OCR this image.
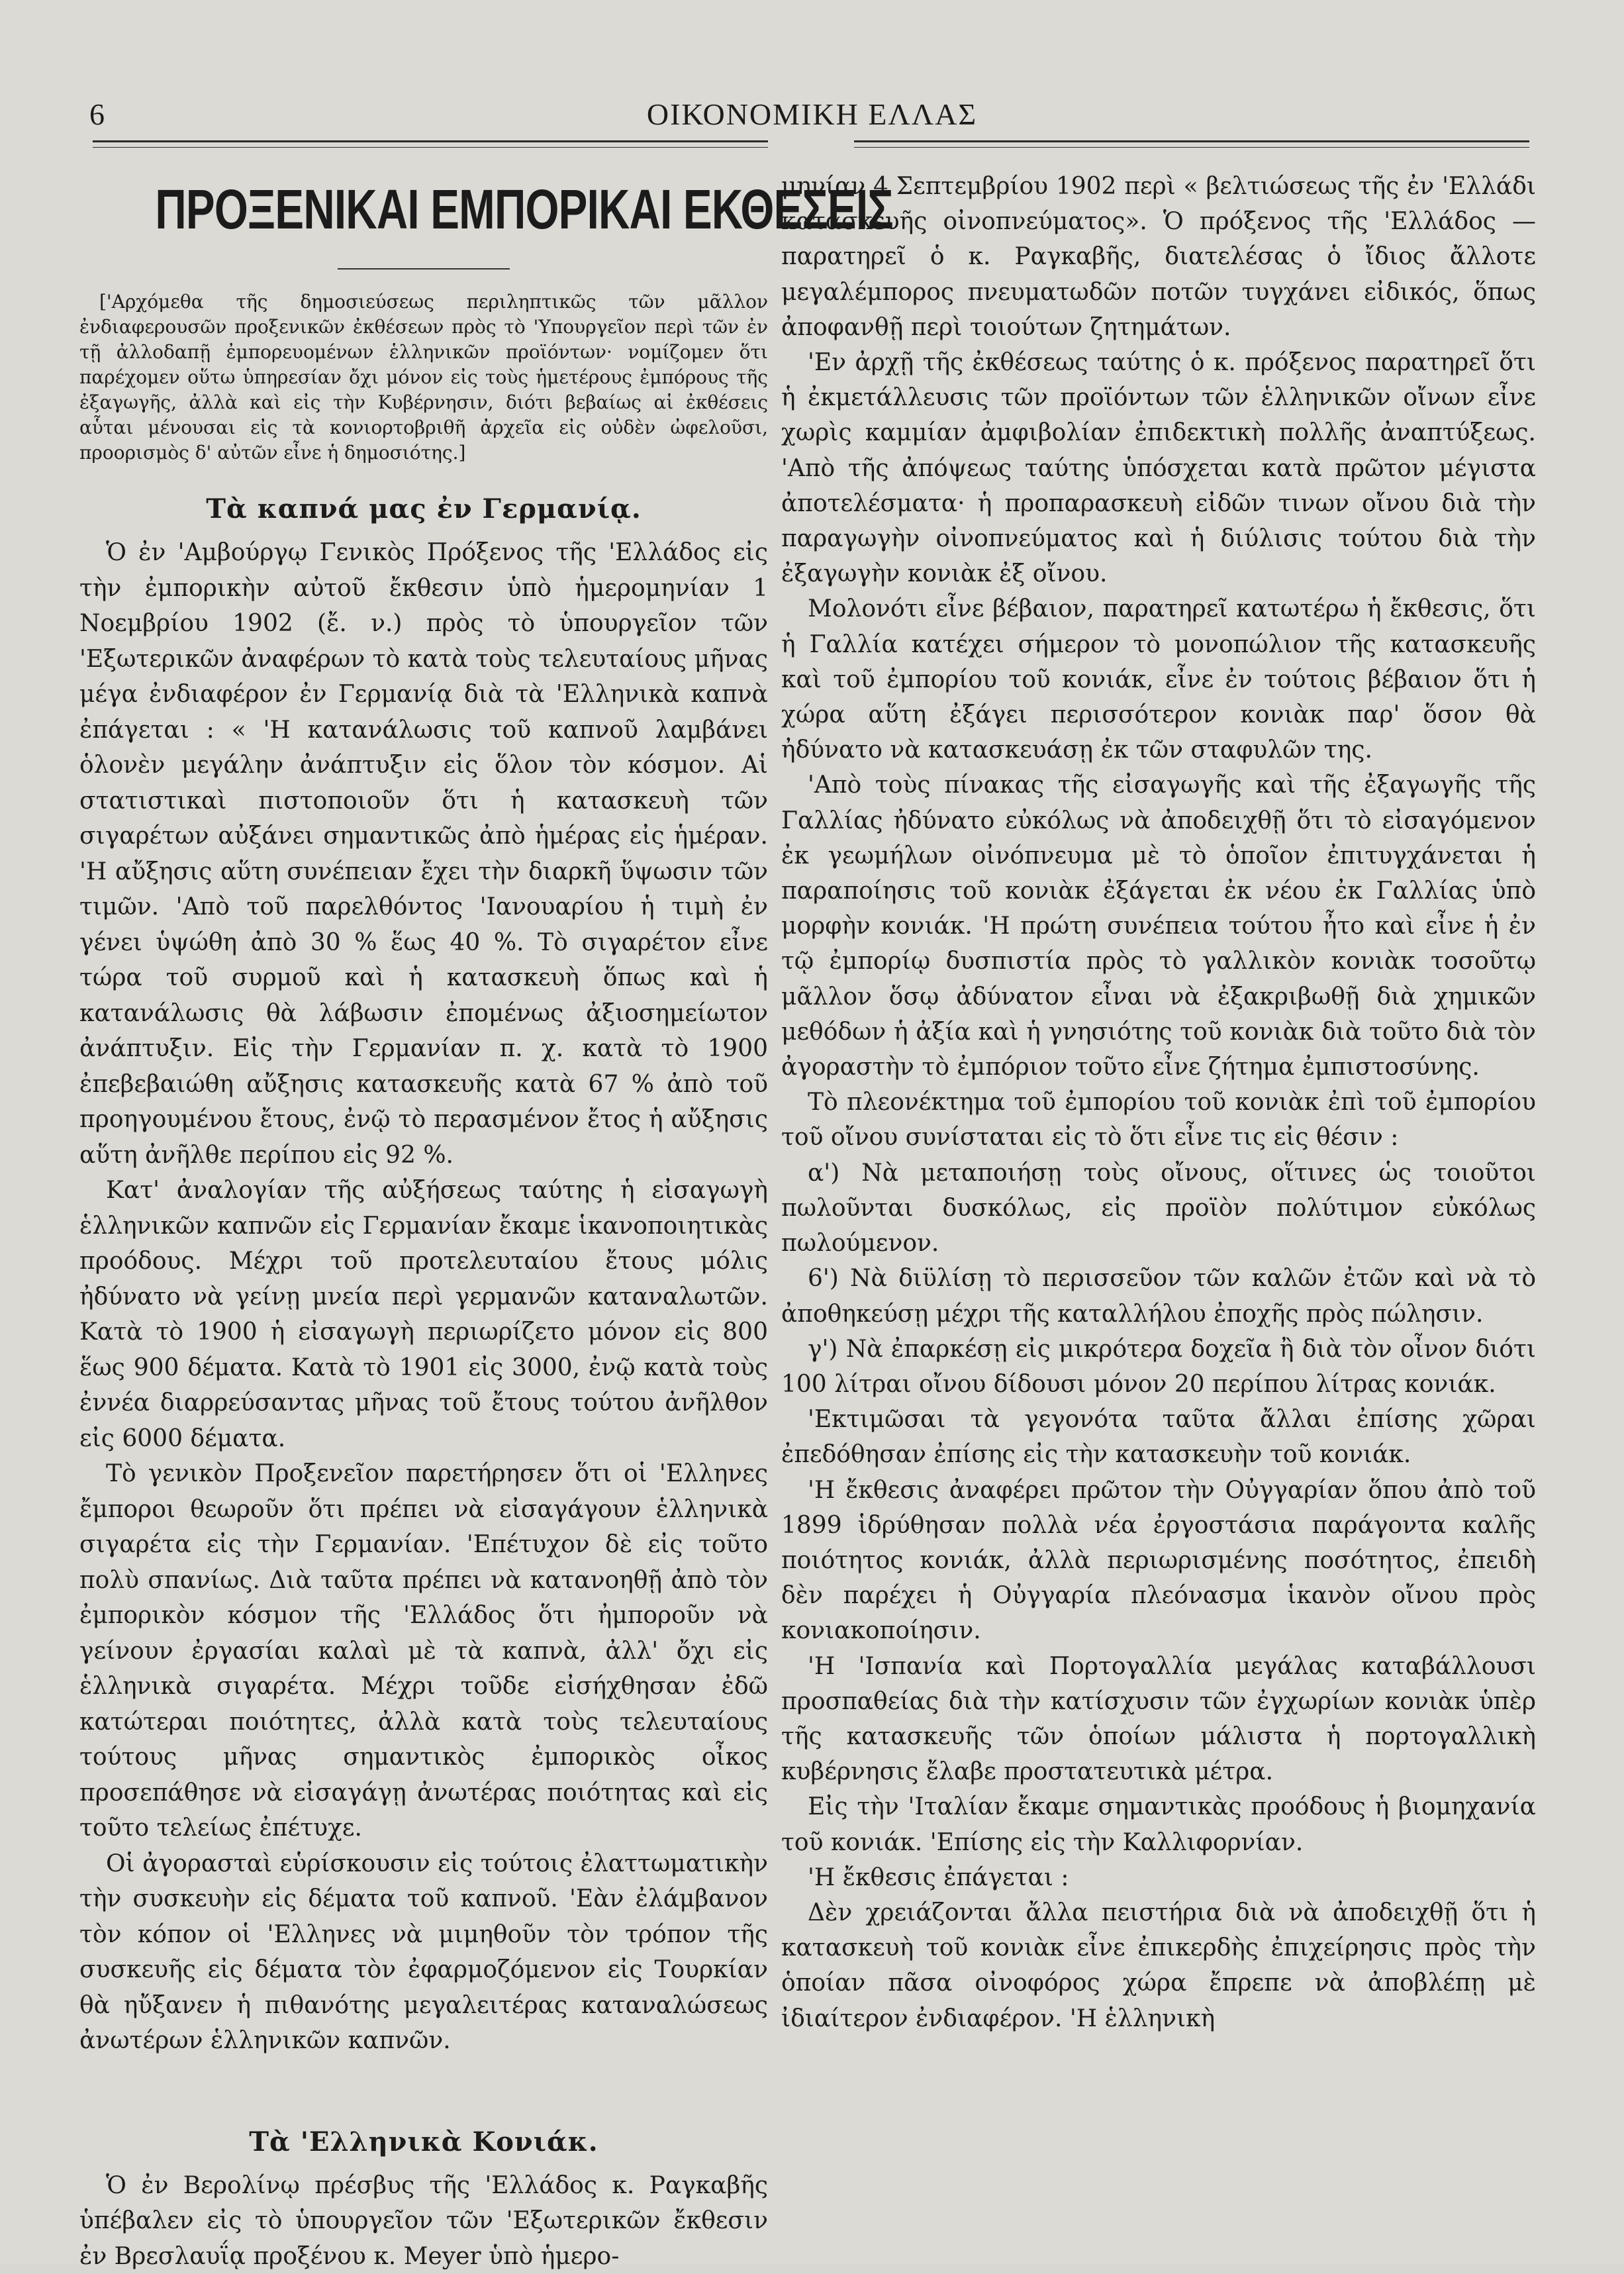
6	ΟΙΚΟΝΟΜΙΚΗ ΕΛΛΑΣ
ΠΡΟΞΕΝΙΚΑΙ ΕΜΠΟΡΙΚΑΙ ΕΚΘΕΣΕΙΣ

['Αρχόμεθα τῆς δημοσιεύσεως περιληπτικῶς τῶν μᾶλλον ἐνδιαφερουσῶν προξενικῶν ἐκθέσεων πρὸς τὸ 'Υπουργεῖον περὶ τῶν ἐν τῇ ἀλλοδαπῇ ἐμπορευομένων ἑλληνικῶν προϊόντων· νομίζομεν ὅτι παρέχομεν οὕτω ὑπηρεσίαν ὄχι μόνον εἰς τοὺς ἡμετέρους ἐμπόρους τῆς ἐξαγωγῆς, ἀλλὰ καὶ εἰς τὴν Κυβέρνησιν, διότι βεβαίως αἱ ἐκθέσεις αὗται μένουσαι εἰς τὰ κονιορτοβριθῆ ἀρχεῖα εἰς οὐδὲν ὠφελοῦσι, προορισμὸς δ' αὐτῶν εἶνε ἡ δημοσιότης.]

Τὰ καπνά μας ἐν Γερμανίᾳ.

Ὁ ἐν 'Αμβούργῳ Γενικὸς Πρόξενος τῆς 'Ελλάδος εἰς τὴν ἐμπορικὴν αὐτοῦ ἔκθεσιν ὑπὸ ἡμερομηνίαν 1 Νοεμβρίου 1902 (ἔ. ν.) πρὸς τὸ ὑπουργεῖον τῶν 'Εξωτερικῶν ἀναφέρων τὸ κατὰ τοὺς τελευταίους μῆνας μέγα ἐνδιαφέρον ἐν Γερμανίᾳ διὰ τὰ 'Ελληνικὰ καπνὰ ἐπάγεται : « 'Η κατανάλωσις τοῦ καπνοῦ λαμβάνει ὁλονὲν μεγάλην ἀνάπτυξιν εἰς ὅλον τὸν κόσμον. Αἱ στατιστικαὶ πιστοποιοῦν ὅτι ἡ κατασκευὴ τῶν σιγαρέτων αὐξάνει σημαντικῶς ἀπὸ ἡμέρας εἰς ἡμέραν. 'Η αὔξησις αὕτη συνέπειαν ἔχει τὴν διαρκῆ ὕψωσιν τῶν τιμῶν. 'Απὸ τοῦ παρελθόντος 'Ιανουαρίου ἡ τιμὴ ἐν γένει ὑψώθη ἀπὸ 30 % ἕως 40 %. Τὸ σιγαρέτον εἶνε τώρα τοῦ συρμοῦ καὶ ἡ κατασκευὴ ὅπως καὶ ἡ κατανάλωσις θὰ λάβωσιν ἐπομένως ἀξιοσημείωτον ἀνάπτυξιν. Εἰς τὴν Γερμανίαν π. χ. κατὰ τὸ 1900 ἐπεβεβαιώθη αὔξησις κατασκευῆς κατὰ 67 % ἀπὸ τοῦ προηγουμένου ἔτους, ἐνῷ τὸ περασμένον ἔτος ἡ αὔξησις αὕτη ἀνῆλθε περίπου εἰς 92 %.

Κατ' ἀναλογίαν τῆς αὐξήσεως ταύτης ἡ εἰσαγωγὴ ἑλληνικῶν καπνῶν εἰς Γερμανίαν ἔκαμε ἱκανοποιητικὰς προόδους. Μέχρι τοῦ προτελευταίου ἔτους μόλις ἠδύνατο νὰ γείνῃ μνεία περὶ γερμανῶν καταναλωτῶν. Κατὰ τὸ 1900 ἡ εἰσαγωγὴ περιωρίζετο μόνον εἰς 800 ἕως 900 δέματα. Κατὰ τὸ 1901 εἰς 3000, ἐνῷ κατὰ τοὺς ἐννέα διαρρεύσαντας μῆνας τοῦ ἔτους τούτου ἀνῆλθον εἰς 6000 δέματα.

Τὸ γενικὸν Προξενεῖον παρετήρησεν ὅτι οἱ 'Ελληνες ἔμποροι θεωροῦν ὅτι πρέπει νὰ εἰσαγάγουν ἑλληνικὰ σιγαρέτα εἰς τὴν Γερμανίαν. 'Επέτυχον δὲ εἰς τοῦτο πολὺ σπανίως. Διὰ ταῦτα πρέπει νὰ κατανοηθῇ ἀπὸ τὸν ἐμπορικὸν κόσμον τῆς 'Ελλάδος ὅτι ἠμποροῦν νὰ γείνουν ἐργασίαι καλαὶ μὲ τὰ καπνὰ, ἀλλ' ὄχι εἰς ἑλληνικὰ σιγαρέτα. Μέχρι τοῦδε εἰσήχθησαν ἐδῶ κατώτεραι ποιότητες, ἀλλὰ κατὰ τοὺς τελευταίους τούτους μῆνας σημαντικὸς ἐμπορικὸς οἶκος προσεπάθησε νὰ εἰσαγάγῃ ἀνωτέρας ποιότητας καὶ εἰς τοῦτο τελείως ἐπέτυχε.

Οἱ ἀγορασταὶ εὑρίσκουσιν εἰς τούτοις ἐλαττωματικὴν τὴν συσκευὴν εἰς δέματα τοῦ καπνοῦ. 'Εὰν ἐλάμβανον τὸν κόπον οἱ 'Ελληνες νὰ μιμηθοῦν τὸν τρόπον τῆς συσκευῆς εἰς δέματα τὸν ἐφαρμοζόμενον εἰς Τουρκίαν θὰ ηὔξανεν ἡ πιθανότης μεγαλειτέρας καταναλώσεως ἀνωτέρων ἑλληνικῶν καπνῶν.

Τὰ 'Ελληνικὰ Κονιάκ.

Ὁ ἐν Βερολίνῳ πρέσβυς τῆς 'Ελλάδος κ. Ραγκαβῆς ὑπέβαλεν εἰς τὸ ὑπουργεῖον τῶν 'Εξωτερικῶν ἔκθεσιν ἐν Βρεσλαυΐᾳ προξένου κ. Meyer ὑπὸ ἡμερο-

μηνίαν 4 Σεπτεμβρίου 1902 περὶ « βελτιώσεως τῆς ἐν 'Ελλάδι κατασκευῆς οἰνοπνεύματος». Ὁ πρόξενος τῆς 'Ελλάδος — παρατηρεῖ ὁ κ. Ραγκαβῆς, διατελέσας ὁ ἴδιος ἄλλοτε μεγαλέμπορος πνευματωδῶν ποτῶν τυγχάνει εἰδικός, ὅπως ἀποφανθῇ περὶ τοιούτων ζητημάτων.

'Εν ἀρχῇ τῆς ἐκθέσεως ταύτης ὁ κ. πρόξενος παρατηρεῖ ὅτι ἡ ἐκμετάλλευσις τῶν προϊόντων τῶν ἑλληνικῶν οἴνων εἶνε χωρὶς καμμίαν ἀμφιβολίαν ἐπιδεκτικὴ πολλῆς ἀναπτύξεως. 'Απὸ τῆς ἀπόψεως ταύτης ὑπόσχεται κατὰ πρῶτον μέγιστα ἀποτελέσματα· ἡ προπαρασκευὴ εἰδῶν τινων οἴνου διὰ τὴν παραγωγὴν οἰνοπνεύματος καὶ ἡ διύλισις τούτου διὰ τὴν ἐξαγωγὴν κονιὰκ ἐξ οἴνου.

Μολονότι εἶνε βέβαιον, παρατηρεῖ κατωτέρω ἡ ἔκθεσις, ὅτι ἡ Γαλλία κατέχει σήμερον τὸ μονοπώλιον τῆς κατασκευῆς καὶ τοῦ ἐμπορίου τοῦ κονιάκ, εἶνε ἐν τούτοις βέβαιον ὅτι ἡ χώρα αὕτη ἐξάγει περισσότερον κονιὰκ παρ' ὅσον θὰ ἠδύνατο νὰ κατασκευάσῃ ἐκ τῶν σταφυλῶν της.

'Απὸ τοὺς πίνακας τῆς εἰσαγωγῆς καὶ τῆς ἐξαγωγῆς τῆς Γαλλίας ἠδύνατο εὐκόλως νὰ ἀποδειχθῇ ὅτι τὸ εἰσαγόμενον ἐκ γεωμήλων οἰνόπνευμα μὲ τὸ ὁποῖον ἐπιτυγχάνεται ἡ παραποίησις τοῦ κονιὰκ ἐξάγεται ἐκ νέου ἐκ Γαλλίας ὑπὸ μορφὴν κονιάκ. 'Η πρώτη συνέπεια τούτου ἦτο καὶ εἶνε ἡ ἐν τῷ ἐμπορίῳ δυσπιστία πρὸς τὸ γαλλικὸν κονιὰκ τοσοῦτῳ μᾶλλον ὅσῳ ἀδύνατον εἶναι νὰ ἐξακριβωθῇ διὰ χημικῶν μεθόδων ἡ ἀξία καὶ ἡ γνησιότης τοῦ κονιὰκ διὰ τοῦτο διὰ τὸν ἀγοραστὴν τὸ ἐμπόριον τοῦτο εἶνε ζήτημα ἐμπιστοσύνης.

Τὸ πλεονέκτημα τοῦ ἐμπορίου τοῦ κονιὰκ ἐπὶ τοῦ ἐμπορίου τοῦ οἴνου συνίσταται εἰς τὸ ὅτι εἶνε τις εἰς θέσιν :

α') Νὰ μεταποιήσῃ τοὺς οἴνους, οἵτινες ὡς τοιοῦτοι πωλοῦνται δυσκόλως, εἰς προϊὸν πολύτιμον εὐκόλως πωλούμενον.

6') Νὰ διϋλίσῃ τὸ περισσεῦον τῶν καλῶν ἐτῶν καὶ νὰ τὸ ἀποθηκεύσῃ μέχρι τῆς καταλλήλου ἐποχῆς πρὸς πώλησιν.

γ') Νὰ ἐπαρκέσῃ εἰς μικρότερα δοχεῖα ἢ διὰ τὸν οἶνον διότι 100 λίτραι οἴνου δίδουσι μόνον 20 περίπου λίτρας κονιάκ.

'Εκτιμῶσαι τὰ γεγονότα ταῦτα ἄλλαι ἐπίσης χῶραι ἐπεδόθησαν ἐπίσης εἰς τὴν κατασκευὴν τοῦ κονιάκ.

'Η ἔκθεσις ἀναφέρει πρῶτον τὴν Οὐγγαρίαν ὅπου ἀπὸ τοῦ 1899 ἱδρύθησαν πολλὰ νέα ἐργοστάσια παράγοντα καλῆς ποιότητος κονιάκ, ἀλλὰ περιωρισμένης ποσότητος, ἐπειδὴ δὲν παρέχει ἡ Οὐγγαρία πλεόνασμα ἱκανὸν οἴνου πρὸς κονιακοποίησιν.

'Η 'Ισπανία καὶ Πορτογαλλία μεγάλας καταβάλλουσι προσπαθείας διὰ τὴν κατίσχυσιν τῶν ἐγχωρίων κονιὰκ ὑπὲρ τῆς κατασκευῆς τῶν ὁποίων μάλιστα ἡ πορτογαλλικὴ κυβέρνησις ἔλαβε προστατευτικὰ μέτρα.

Εἰς τὴν 'Ιταλίαν ἔκαμε σημαντικὰς προόδους ἡ βιομηχανία τοῦ κονιάκ. 'Επίσης εἰς τὴν Καλλιφορνίαν.

'Η ἔκθεσις ἐπάγεται :

Δὲν χρειάζονται ἄλλα πειστήρια διὰ νὰ ἀποδειχθῇ ὅτι ἡ κατασκευὴ τοῦ κονιὰκ εἶνε ἐπικερδὴς ἐπιχείρησις πρὸς τὴν ὁποίαν πᾶσα οἰνοφόρος χώρα ἔπρεπε νὰ ἀποβλέπῃ μὲ ἰδιαίτερον ἐνδιαφέρον. 'Η ἑλληνικὴ
